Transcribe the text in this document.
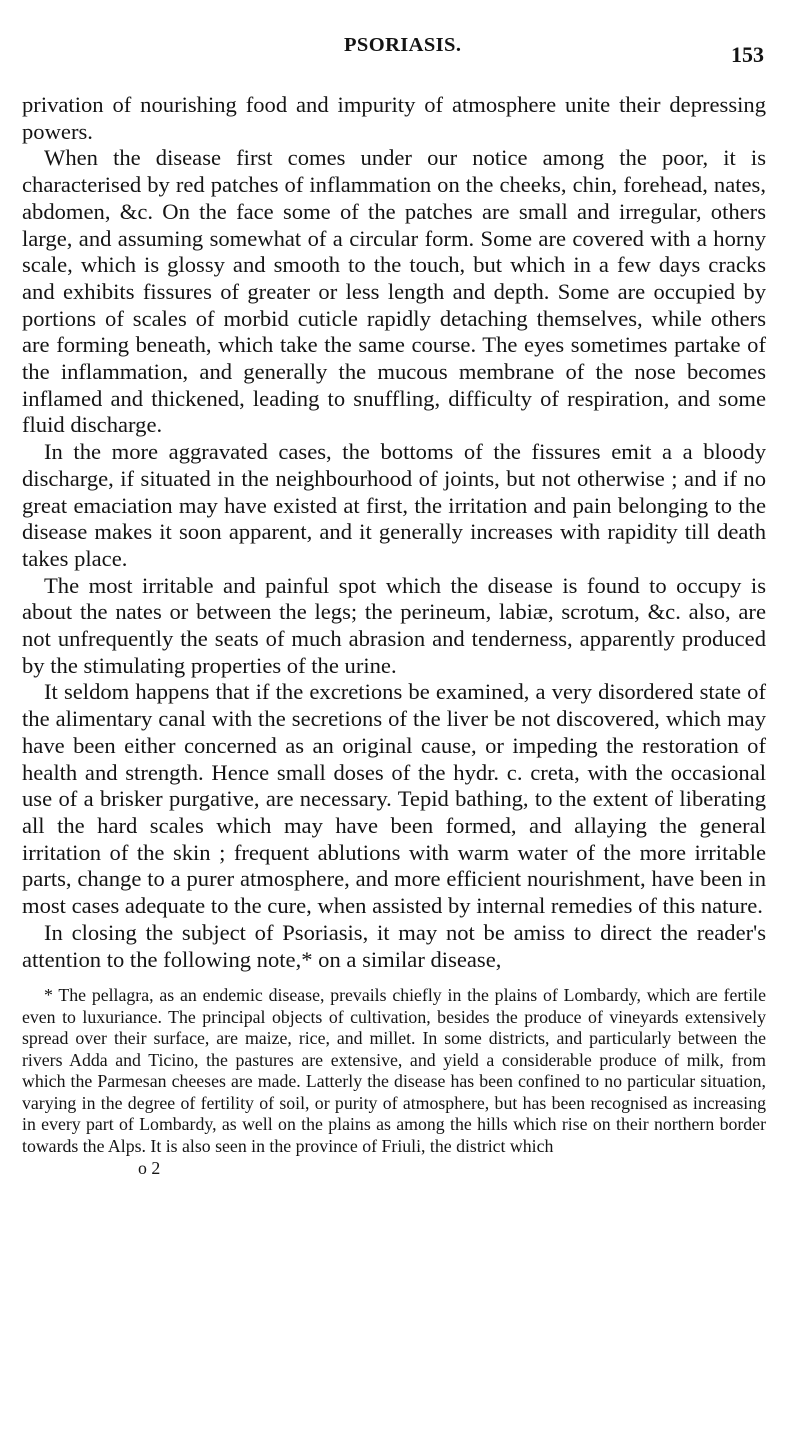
PSORIASIS.	153

privation of nourishing food and impurity of atmosphere unite their depressing powers.

When the disease first comes under our notice among the poor, it is characterised by red patches of inflammation on the cheeks, chin, forehead, nates, abdomen, &c. On the face some of the patches are small and irregular, others large, and assuming somewhat of a circular form. Some are covered with a horny scale, which is glossy and smooth to the touch, but which in a few days cracks and exhibits fissures of greater or less length and depth. Some are occupied by portions of scales of morbid cuticle rapidly detaching themselves, while others are forming beneath, which take the same course. The eyes sometimes partake of the inflammation, and generally the mucous membrane of the nose becomes inflamed and thickened, leading to snuffling, difficulty of respiration, and some fluid discharge.

In the more aggravated cases, the bottoms of the fissures emit a a bloody discharge, if situated in the neighbourhood of joints, but not otherwise ; and if no great emaciation may have existed at first, the irritation and pain belonging to the disease makes it soon apparent, and it generally increases with rapidity till death takes place.

The most irritable and painful spot which the disease is found to occupy is about the nates or between the legs; the perineum, labiæ, scrotum, &c. also, are not unfrequently the seats of much abrasion and tenderness, apparently produced by the stimulating properties of the urine.

It seldom happens that if the excretions be examined, a very disordered state of the alimentary canal with the secretions of the liver be not discovered, which may have been either concerned as an original cause, or impeding the restoration of health and strength. Hence small doses of the hydr. c. creta, with the occasional use of a brisker purgative, are necessary. Tepid bathing, to the extent of liberating all the hard scales which may have been formed, and allaying the general irritation of the skin ; frequent ablutions with warm water of the more irritable parts, change to a purer atmosphere, and more efficient nourishment, have been in most cases adequate to the cure, when assisted by internal remedies of this nature.

In closing the subject of Psoriasis, it may not be amiss to direct the reader's attention to the following note,* on a similar disease,

* The pellagra, as an endemic disease, prevails chiefly in the plains of Lombardy, which are fertile even to luxuriance. The principal objects of cultivation, besides the produce of vineyards extensively spread over their surface, are maize, rice, and millet. In some districts, and particularly between the rivers Adda and Ticino, the pastures are extensive, and yield a considerable produce of milk, from which the Parmesan cheeses are made. Latterly the disease has been confined to no particular situation, varying in the degree of fertility of soil, or purity of atmosphere, but has been recognised as increasing in every part of Lombardy, as well on the plains as among the hills which rise on their northern border towards the Alps. It is also seen in the province of Friuli, the district which

o 2
